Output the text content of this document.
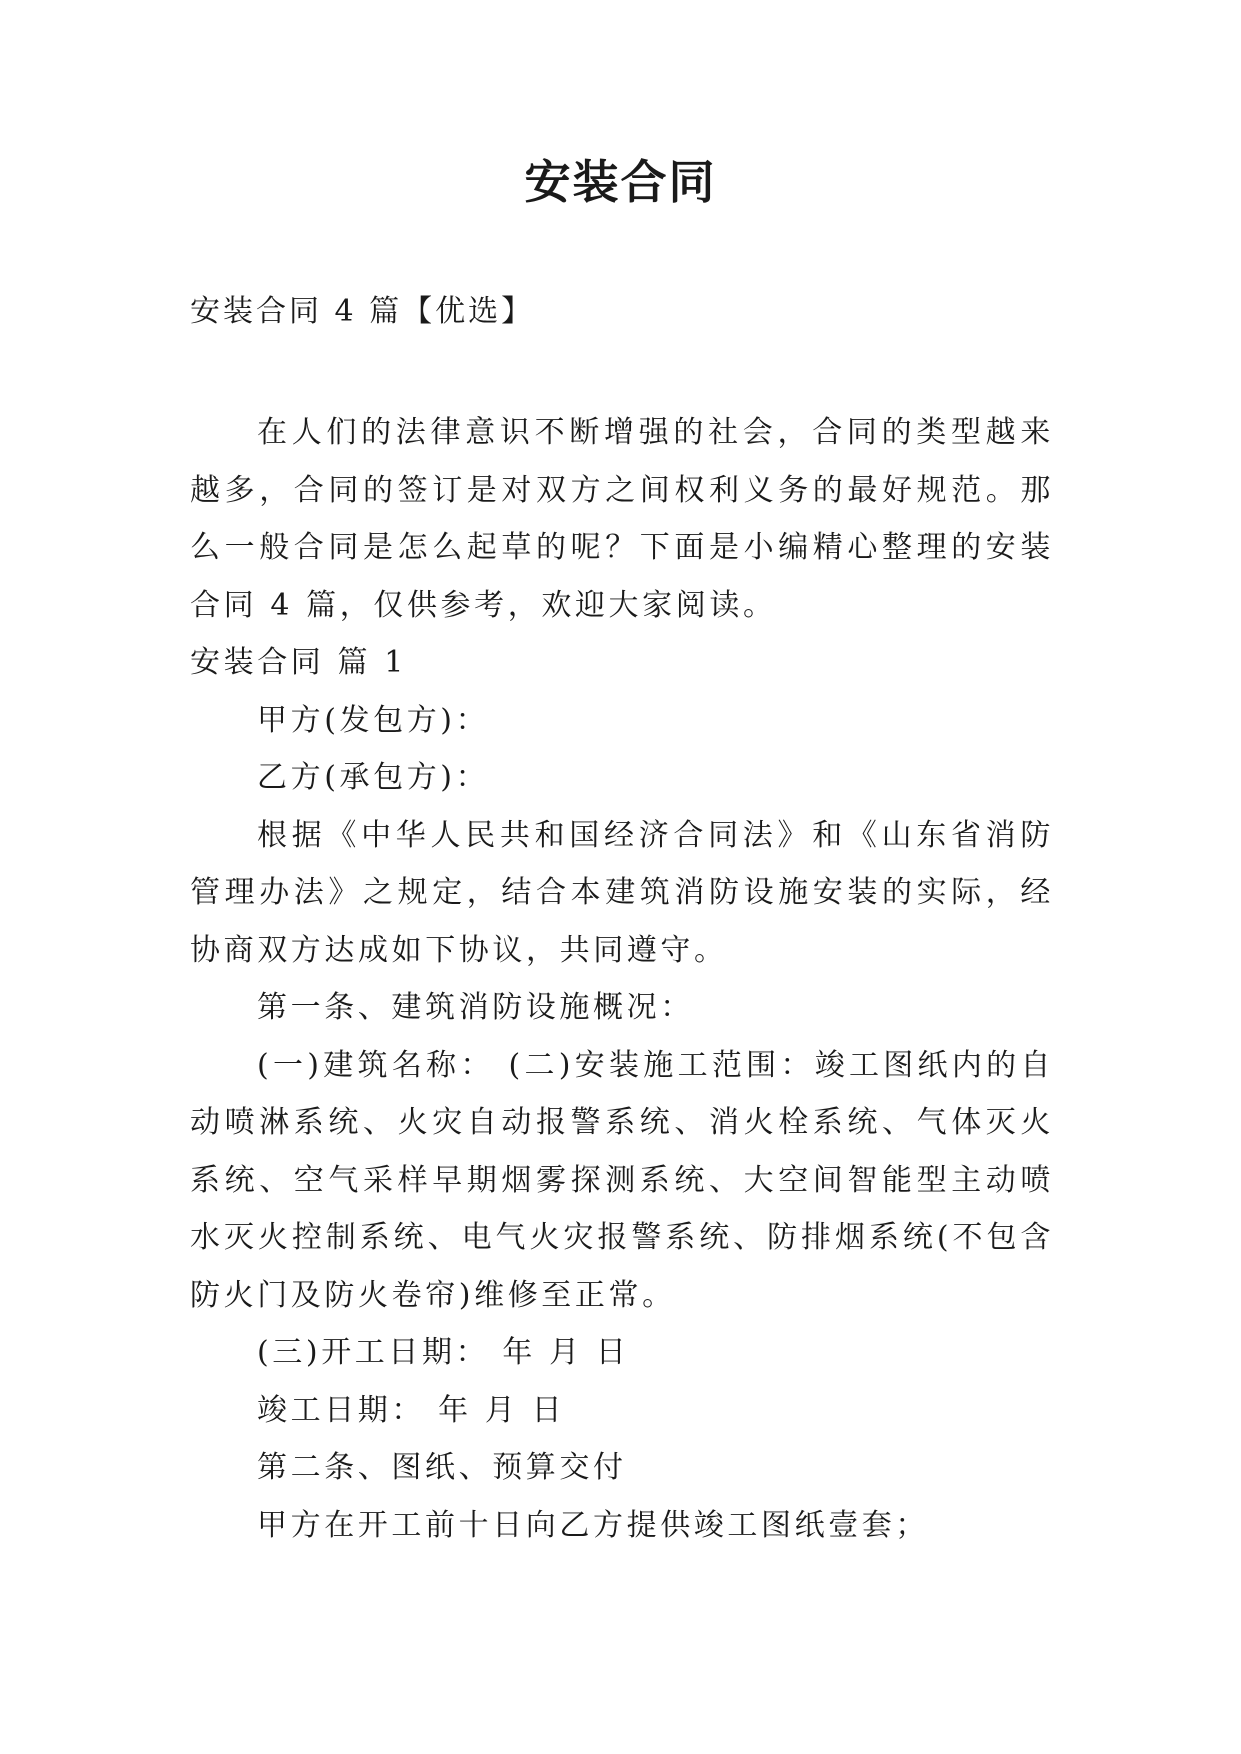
安装合同

安装合同 4 篇【优选】

在人们的法律意识不断增强的社会，合同的类型越来越多，合同的签订是对双方之间权利义务的最好规范。那么一般合同是怎么起草的呢？下面是小编精心整理的安装合同 4 篇，仅供参考，欢迎大家阅读。

安装合同 篇 1

甲方(发包方)：

乙方(承包方)：

根据《中华人民共和国经济合同法》和《山东省消防管理办法》之规定，结合本建筑消防设施安装的实际，经协商双方达成如下协议，共同遵守。

第一条、建筑消防设施概况：

(一)建筑名称： (二)安装施工范围：竣工图纸内的自动喷淋系统、火灾自动报警系统、消火栓系统、气体灭火系统、空气采样早期烟雾探测系统、大空间智能型主动喷水灭火控制系统、电气火灾报警系统、防排烟系统(不包含防火门及防火卷帘)维修至正常。

(三)开工日期： 年 月 日

竣工日期： 年 月 日

第二条、图纸、预算交付

甲方在开工前十日向乙方提供竣工图纸壹套；
